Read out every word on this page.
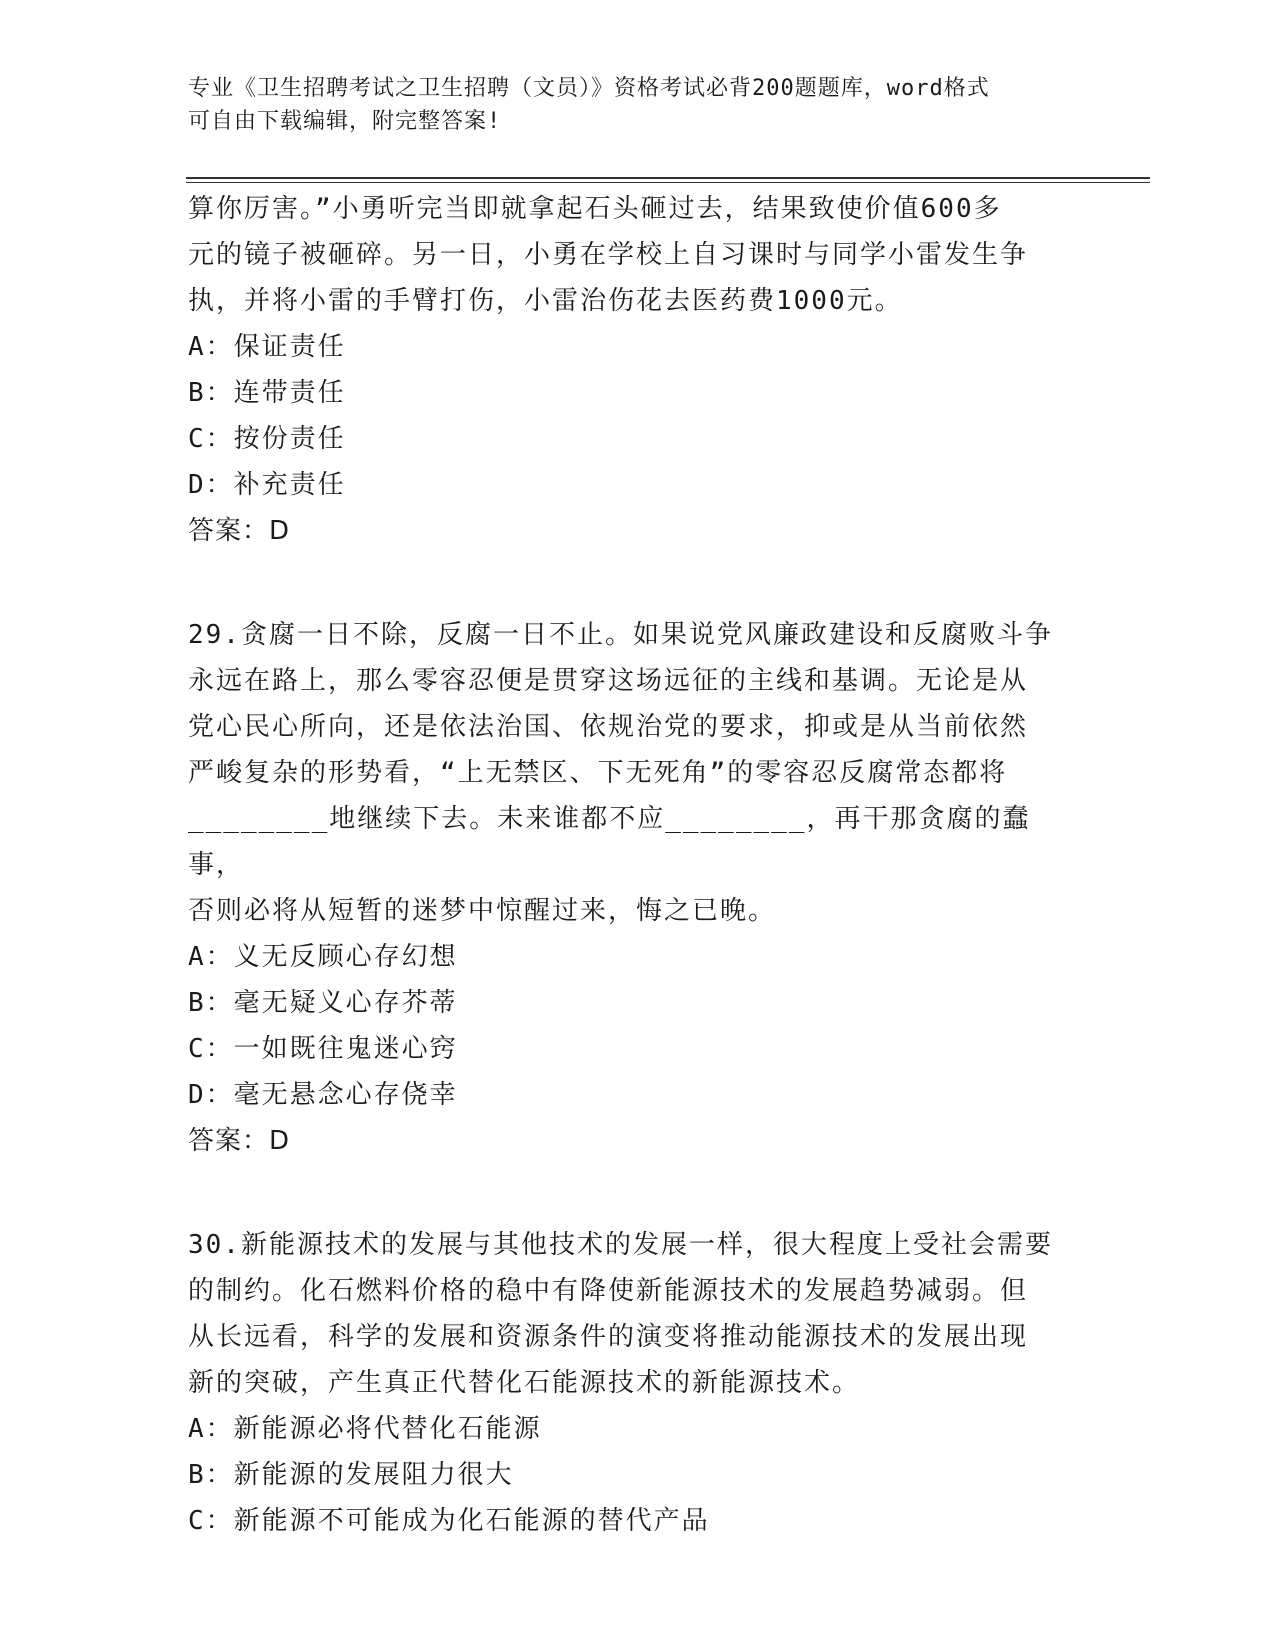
专业《卫生招聘考试之卫生招聘（文员）》资格考试必背200题题库，word格式
可自由下载编辑，附完整答案!

算你厉害。”小勇听完当即就拿起石头砸过去，结果致使价值600多

元的镜子被砸碎。另一日，小勇在学校上自习课时与同学小雷发生争

执，并将小雷的手臂打伤，小雷治伤花去医药费1000元。

A：保证责任

B：连带责任

C：按份责任

D：补充责任

答案：D

29.贪腐一日不除，反腐一日不止。如果说党风廉政建设和反腐败斗争

永远在路上，那么零容忍便是贯穿这场远征的主线和基调。无论是从

党心民心所向，还是依法治国、依规治党的要求，抑或是从当前依然

严峻复杂的形势看，“上无禁区、下无死角”的零容忍反腐常态都将

________地继续下去。未来谁都不应________，再干那贪腐的蠢事，

否则必将从短暂的迷梦中惊醒过来，悔之已晚。

A：义无反顾心存幻想

B：毫无疑义心存芥蒂

C：一如既往鬼迷心窍

D：毫无悬念心存侥幸

答案：D

30.新能源技术的发展与其他技术的发展一样，很大程度上受社会需要

的制约。化石燃料价格的稳中有降使新能源技术的发展趋势减弱。但

从长远看，科学的发展和资源条件的演变将推动能源技术的发展出现

新的突破，产生真正代替化石能源技术的新能源技术。

A：新能源必将代替化石能源

B：新能源的发展阻力很大

C：新能源不可能成为化石能源的替代产品
